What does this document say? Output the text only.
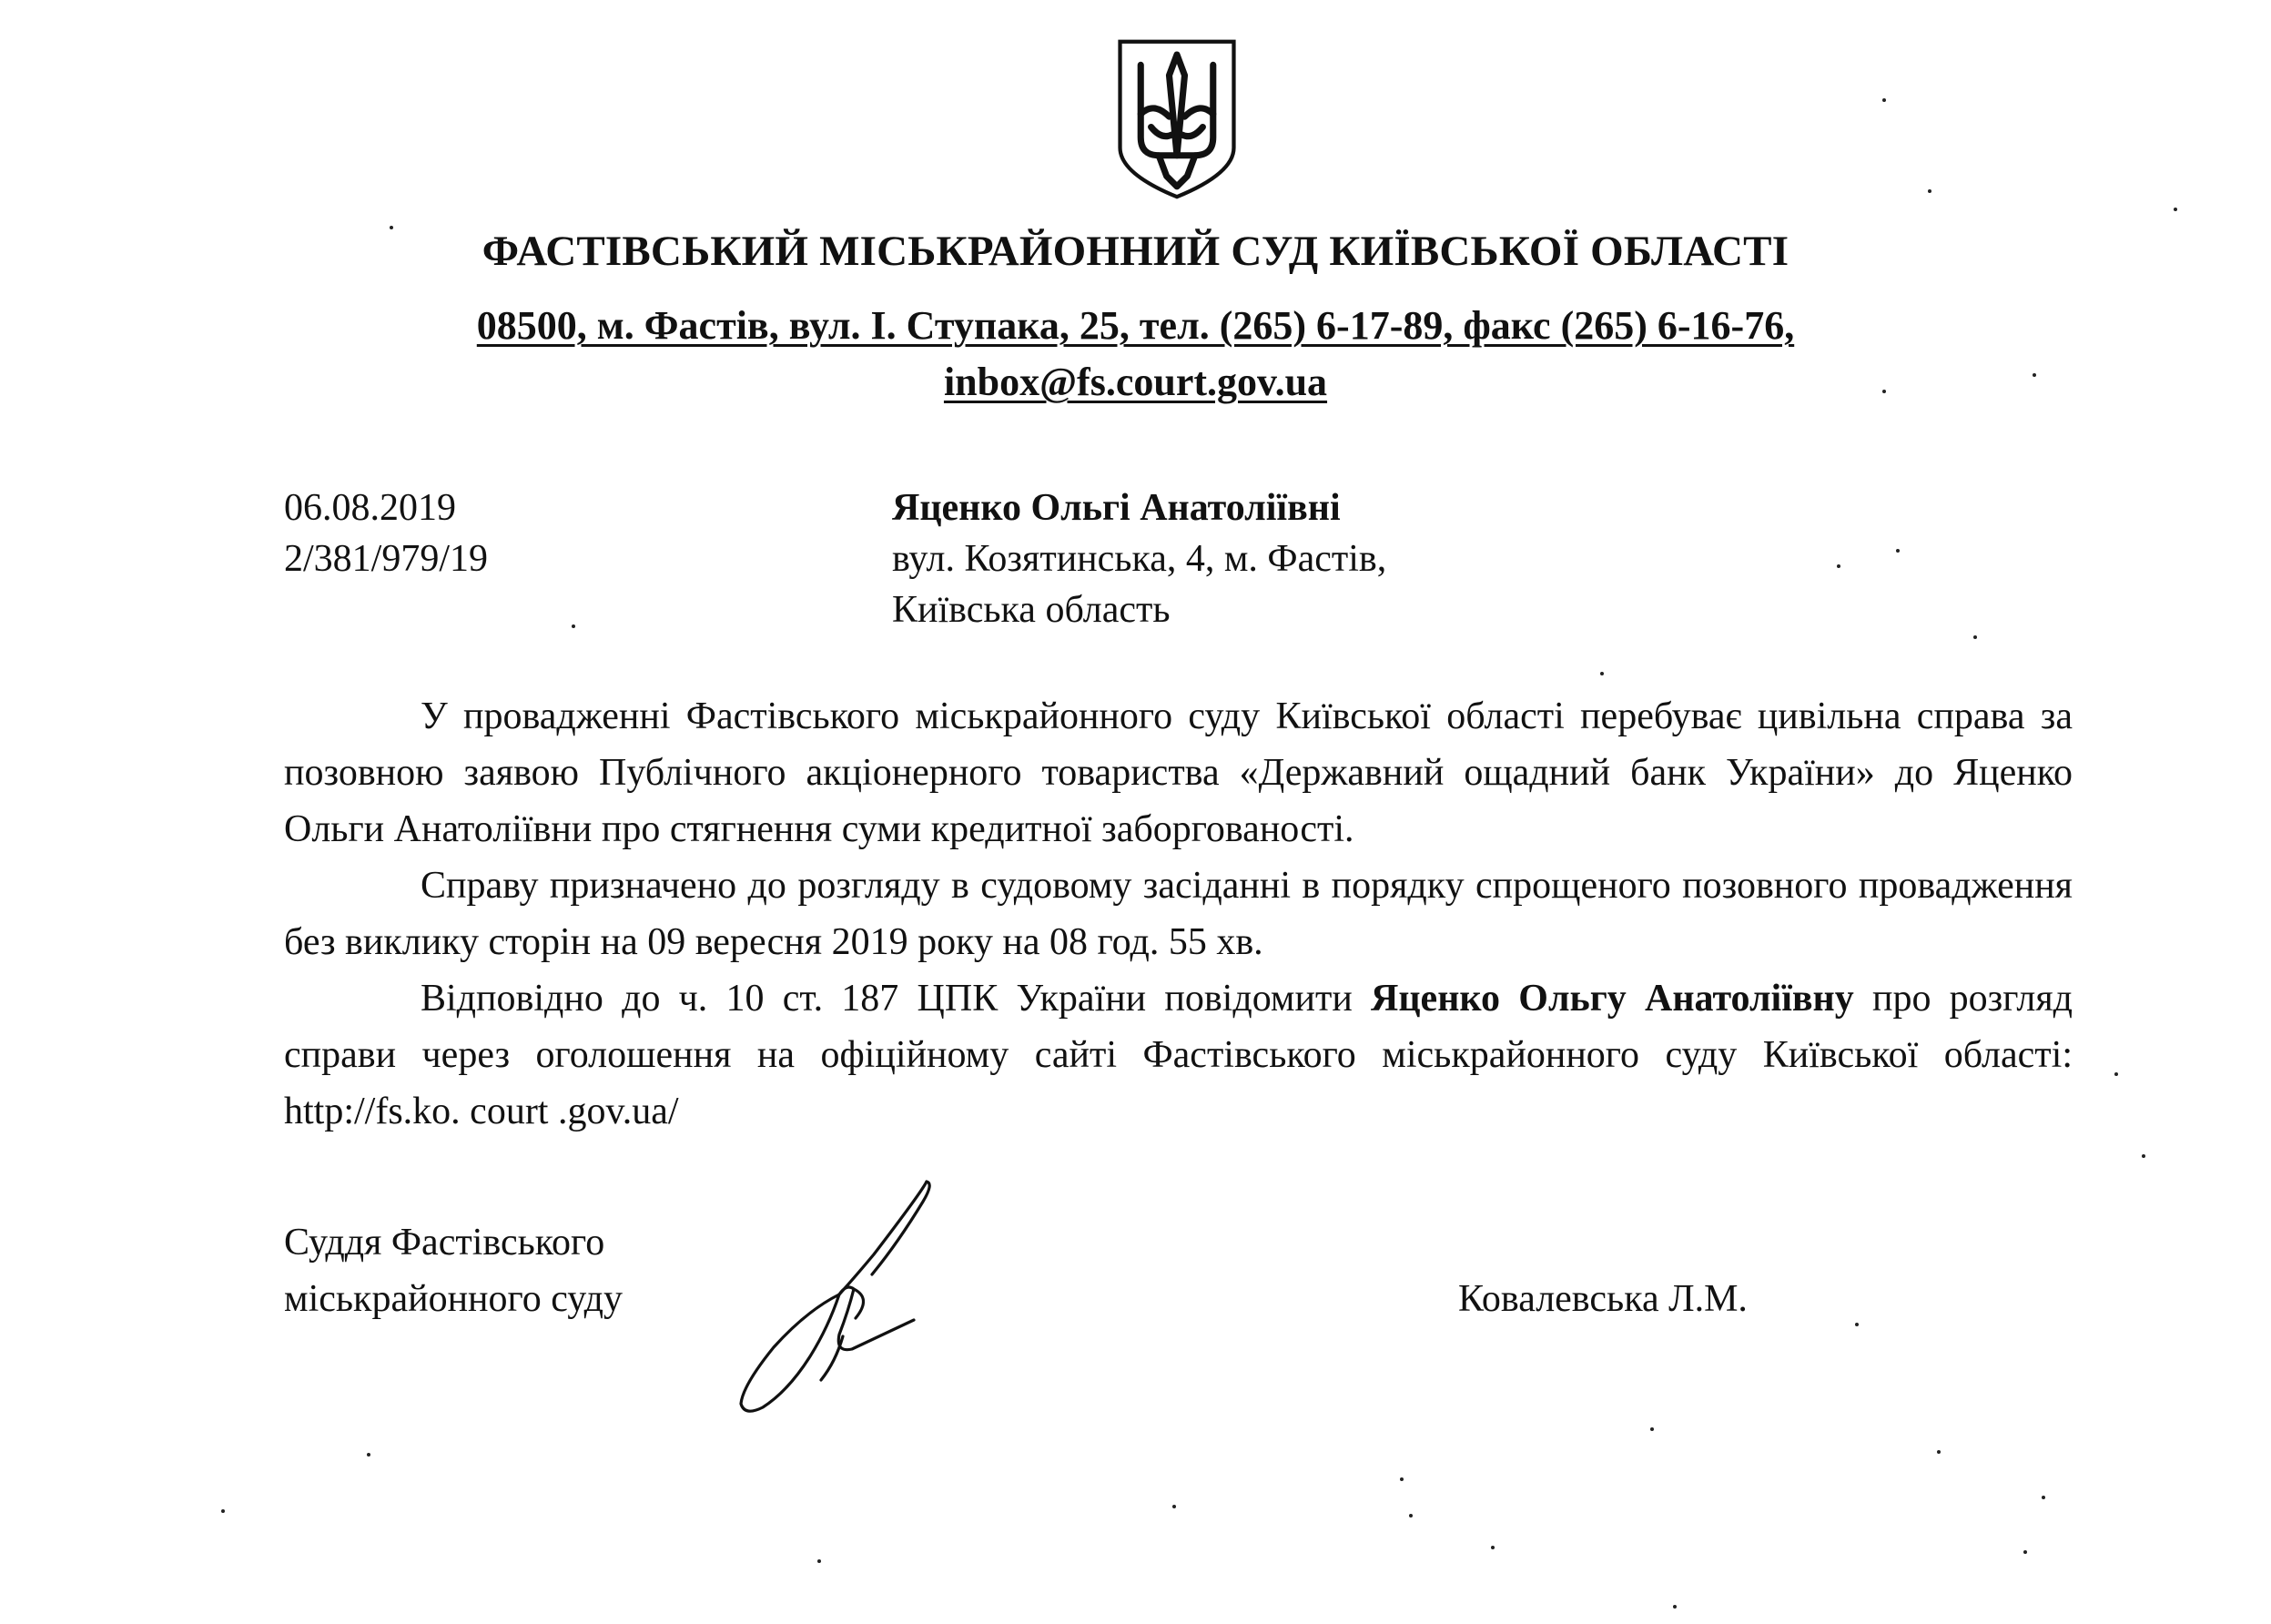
ФАСТІВСЬКИЙ МІСЬКРАЙОННИЙ СУД КИЇВСЬКОЇ ОБЛАСТІ
08500, м. Фастів, вул. І. Ступака, 25, тел. (265) 6-17-89, факс (265) 6-16-76,
inbox@fs.court.gov.ua
06.08.2019
2/381/979/19
Яценко Ольгі Анатоліївні
вул. Козятинська, 4, м. Фастів,
Київська область

У провадженні Фастівського міськрайонного суду Київської області перебуває цивільна справа за позовною заявою Публічного акціонерного товариства «Державний ощадний банк України» до Яценко Ольги Анатоліївни про стягнення суми кредитної заборгованості.

Справу призначено до розгляду в судовому засіданні в порядку спрощеного позовного провадження без виклику сторін на 09 вересня 2019 року на 08 год. 55 хв.

Відповідно до ч. 10 ст. 187 ЦПК України повідомити Яценко Ольгу Анатоліївну про розгляд справи через оголошення на офіційному сайті Фастівського міськрайонного суду Київської області: http://fs.ko. court .gov.ua/

Суддя Фастівського
міськрайонного суду	Ковалевська Л.М.
